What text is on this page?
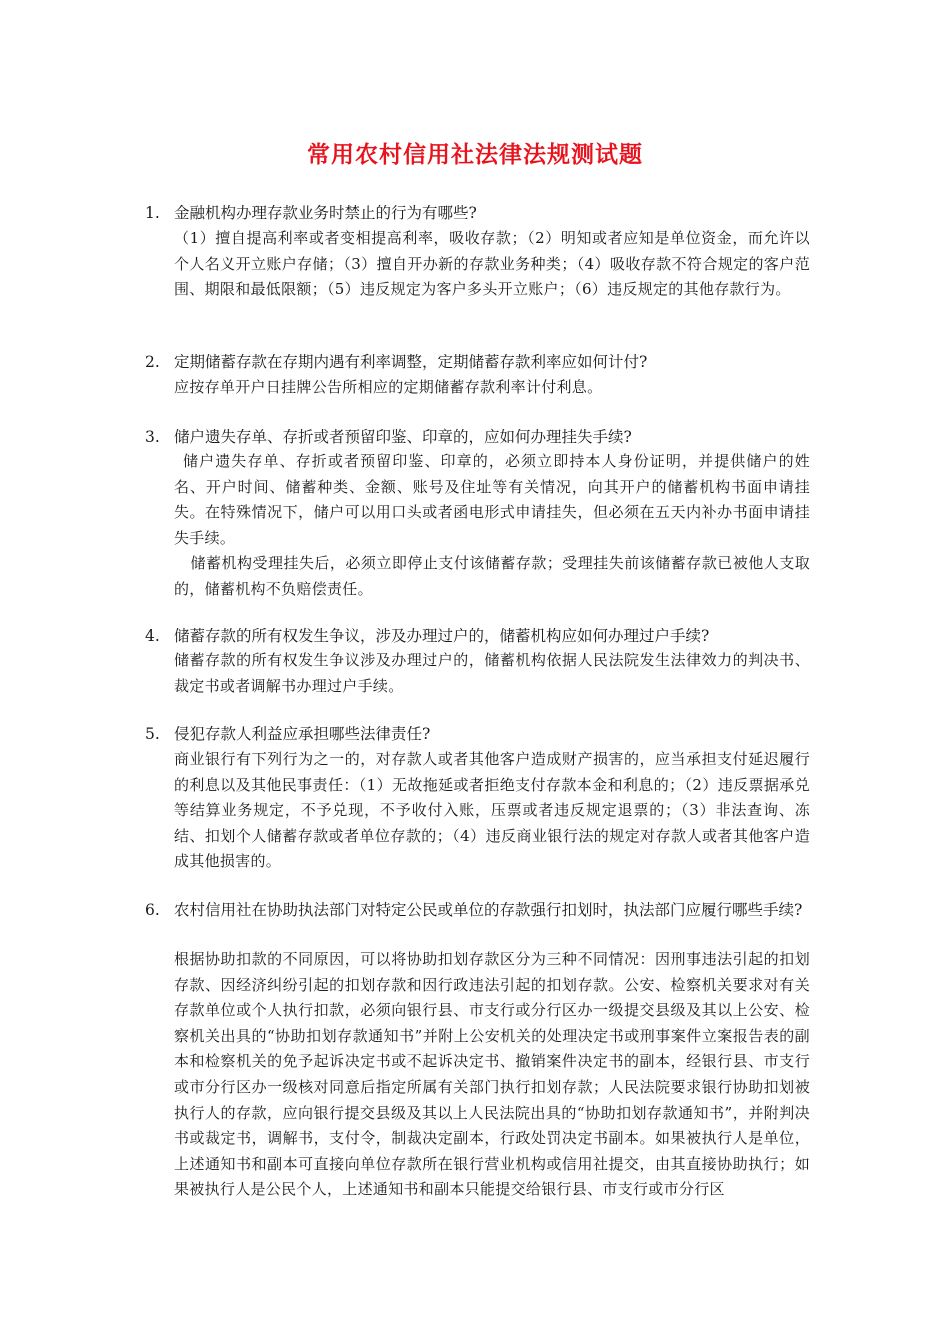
常用农村信用社法律法规测试题
1. 金融机构办理存款业务时禁止的行为有哪些?

（1）擅自提高利率或者变相提高利率，吸收存款；（2）明知或者应知是单位资金，而允许以个人名义开立账户存储；（3）擅自开办新的存款业务种类；（4）吸收存款不符合规定的客户范围、期限和最低限额；（5）违反规定为客户多头开立账户；（6）违反规定的其他存款行为。

2. 定期储蓄存款在存期内遇有利率调整，定期储蓄存款利率应如何计付?

应按存单开户日挂牌公告所相应的定期储蓄存款利率计付利息。

3. 储户遗失存单、存折或者预留印鉴、印章的，应如何办理挂失手续?

储户遗失存单、存折或者预留印鉴、印章的，必须立即持本人身份证明，并提供储户的姓名、开户时间、储蓄种类、金额、账号及住址等有关情况，向其开户的储蓄机构书面申请挂失。在特殊情况下，储户可以用口头或者函电形式申请挂失，但必须在五天内补办书面申请挂失手续。

储蓄机构受理挂失后，必须立即停止支付该储蓄存款；受理挂失前该储蓄存款已被他人支取的，储蓄机构不负赔偿责任。

4. 储蓄存款的所有权发生争议，涉及办理过户的，储蓄机构应如何办理过户手续?

储蓄存款的所有权发生争议涉及办理过户的，储蓄机构依据人民法院发生法律效力的判决书、裁定书或者调解书办理过户手续。

5. 侵犯存款人利益应承担哪些法律责任?

商业银行有下列行为之一的，对存款人或者其他客户造成财产损害的，应当承担支付延迟履行的利息以及其他民事责任：（1）无故拖延或者拒绝支付存款本金和利息的；（2）违反票据承兑等结算业务规定，不予兑现，不予收付入账，压票或者违反规定退票的；（3）非法查询、冻结、扣划个人储蓄存款或者单位存款的；（4）违反商业银行法的规定对存款人或者其他客户造成其他损害的。

6. 农村信用社在协助执法部门对特定公民或单位的存款强行扣划时，执法部门应履行哪些手续?

根据协助扣款的不同原因，可以将协助扣划存款区分为三种不同情况：因刑事违法引起的扣划存款、因经济纠纷引起的扣划存款和因行政违法引起的扣划存款。公安、检察机关要求对有关存款单位或个人执行扣款，必须向银行县、市支行或分行区办一级提交县级及其以上公安、检察机关出具的“协助扣划存款通知书”并附上公安机关的处理决定书或刑事案件立案报告表的副本和检察机关的免予起诉决定书或不起诉决定书、撤销案件决定书的副本，经银行县、市支行或市分行区办一级核对同意后指定所属有关部门执行扣划存款；人民法院要求银行协助扣划被执行人的存款，应向银行提交县级及其以上人民法院出具的“协助扣划存款通知书”，并附判决书或裁定书，调解书，支付令，制裁决定副本，行政处罚决定书副本。如果被执行人是单位，上述通知书和副本可直接向单位存款所在银行营业机构或信用社提交，由其直接协助执行；如果被执行人是公民个人，上述通知书和副本只能提交给银行县、市支行或市分行区
